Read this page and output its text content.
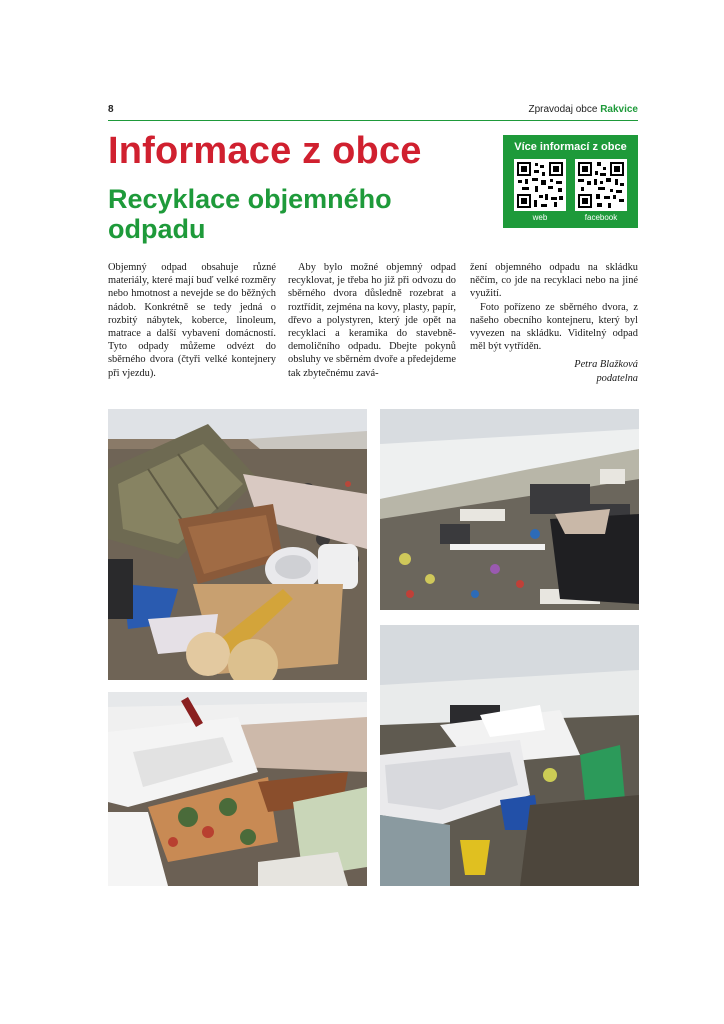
8	Zpravodaj obce Rakvice
Informace z obce
Recyklace objemného odpadu
Více informací z obce
web	facebook

Objemný odpad obsahuje různé materiály, které mají buď velké rozměry nebo hmotnost a nevejde se do běžných nádob. Konkrétně se tedy jedná o rozbitý nábytek, koberce, linoleum, matrace a další vybavení domácností. Tyto odpady můžeme odvézt do sběrného dvora (čtyři velké kontejnery při vjezdu).

Aby bylo možné objemný odpad recyklovat, je třeba ho již při odvozu do sběrného dvora důsledně rozebrat a roztřídit, zejména na kovy, plasty, papír, dřevo a polystyren, který jde opět na recyklaci a keramika do stavebně-demoličního odpadu. Dbejte pokynů obsluhy ve sběrném dvoře a předejdeme tak zbytečnému zavá-

žení objemného odpadu na skládku něčím, co jde na recyklaci nebo na jiné využití.

Foto pořízeno ze sběrného dvora, z našeho obecního kontejneru, který byl vyvezen na skládku. Viditelný odpad měl být vytříděn.

Petra Blažková
podatelna
